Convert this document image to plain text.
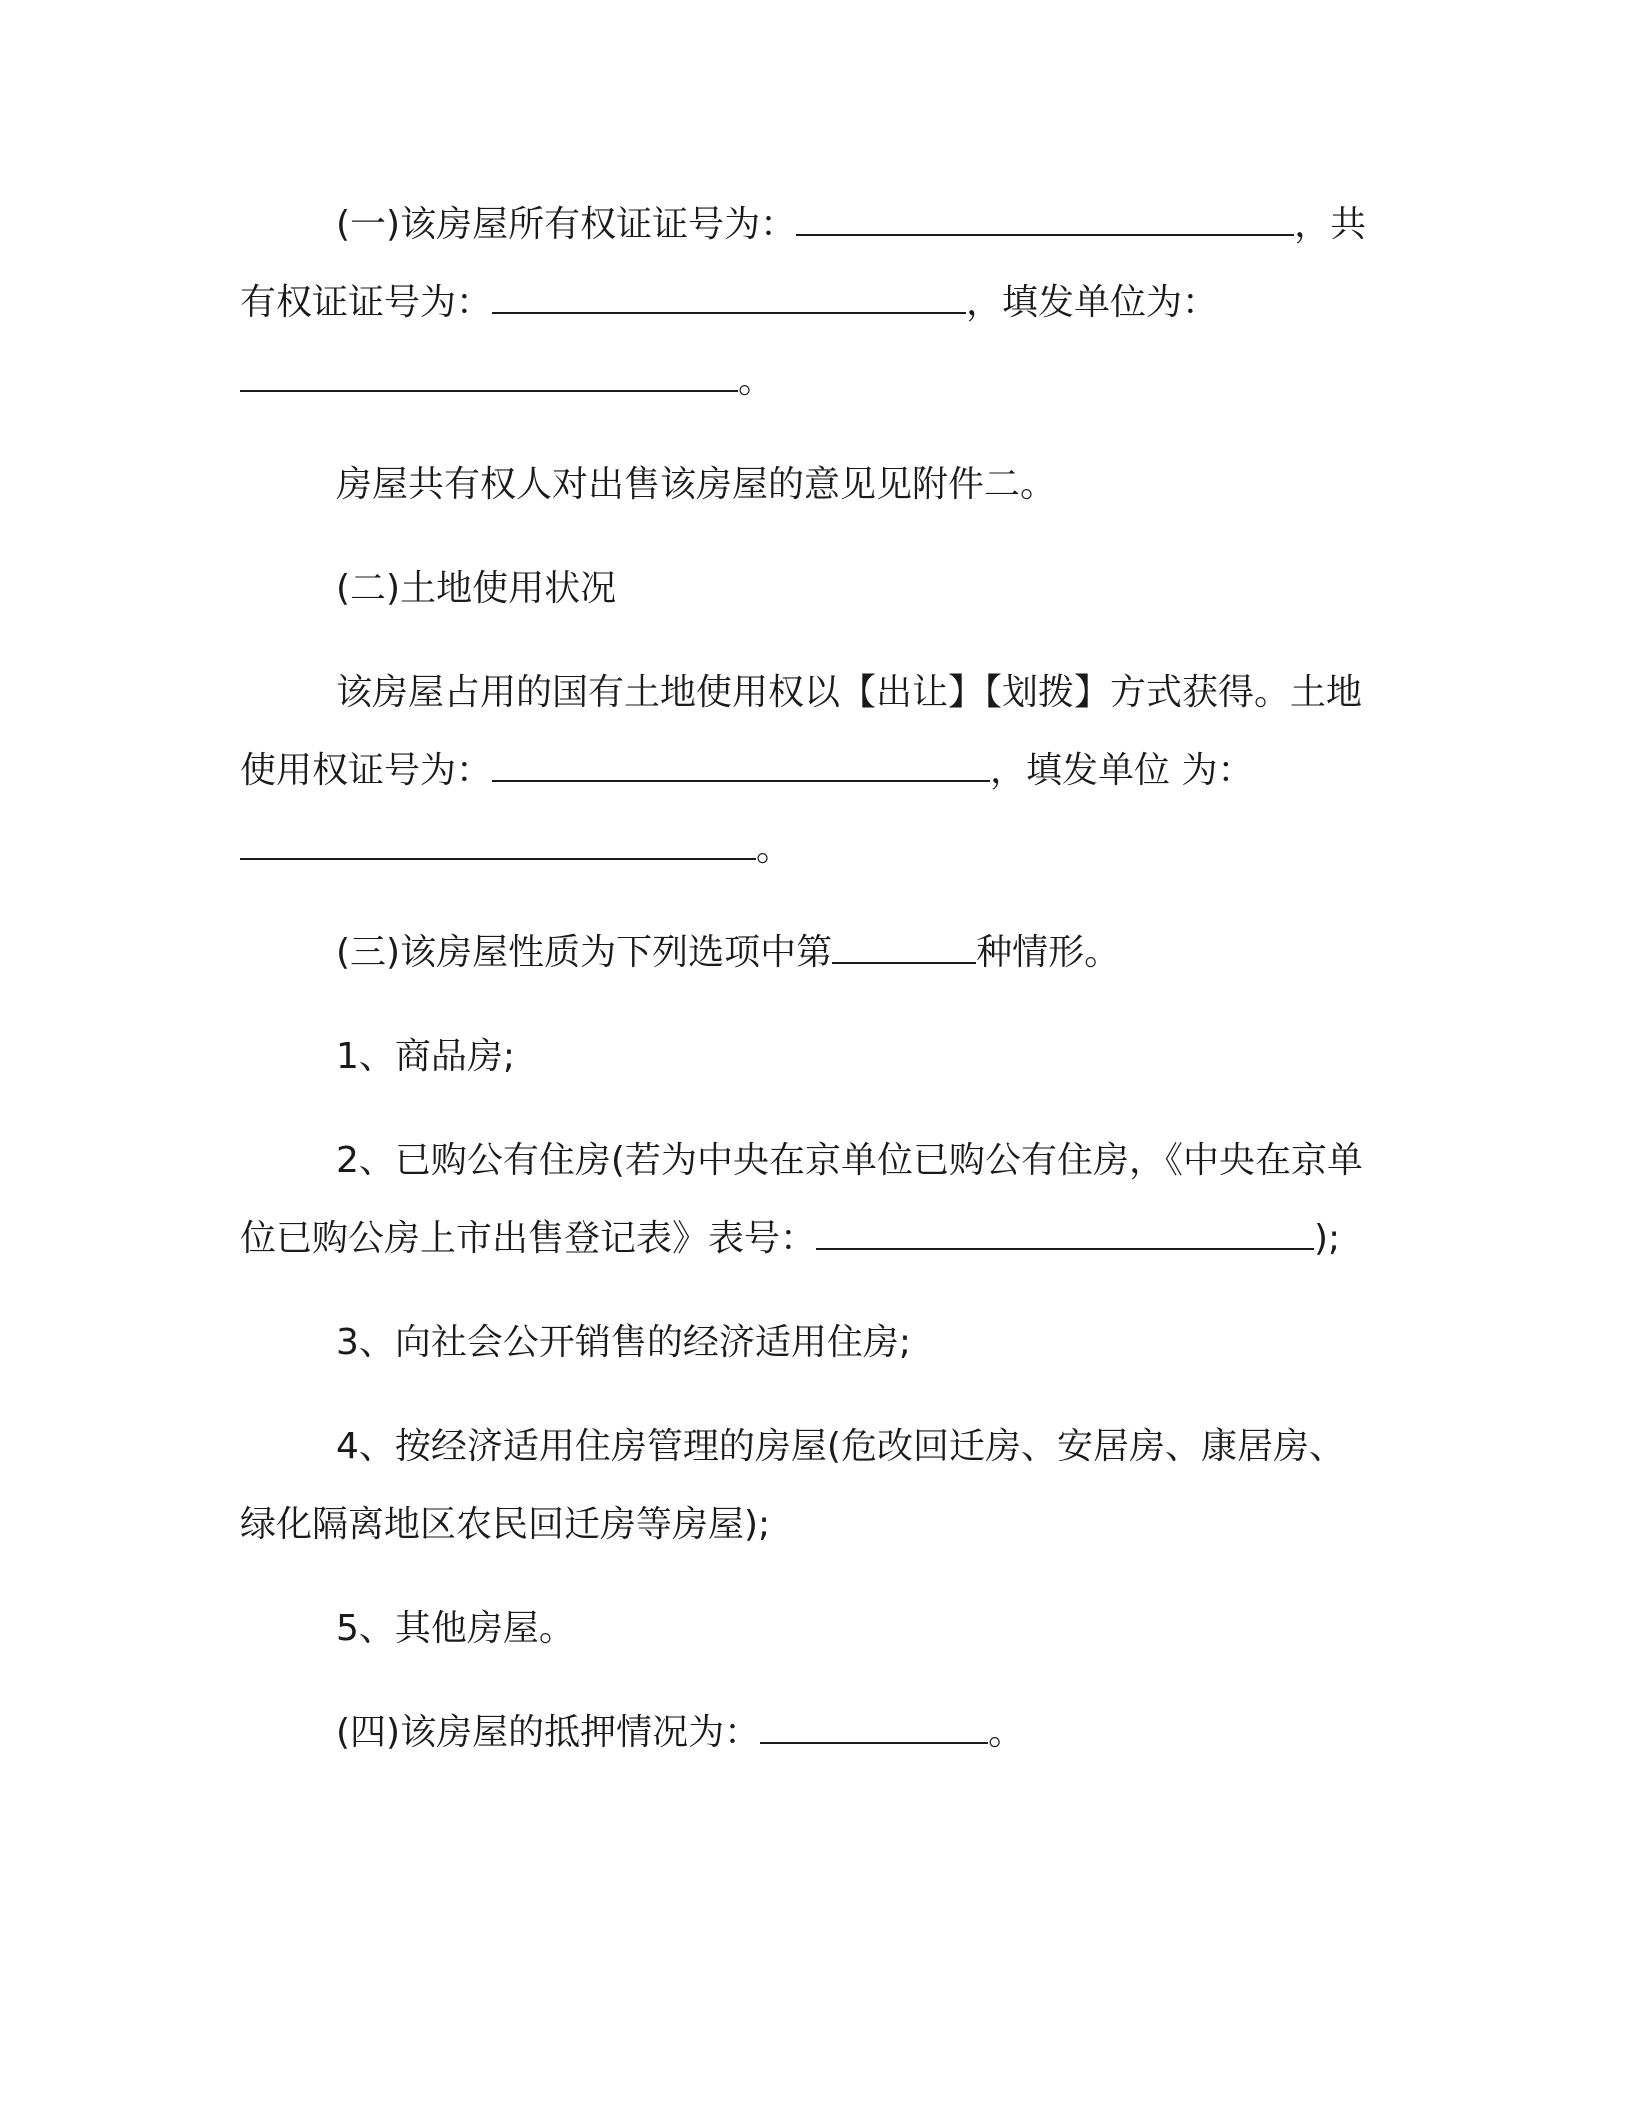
(一)该房屋所有权证证号为：	，共有权证证号为：	，填发单位为：。

房屋共有权人对出售该房屋的意见见附件二。

(二)土地使用状况

该房屋占用的国有土地使用权以【出让】【划拨】方式获得。土地使用权证号为：	，填发单位 为：。

(三)该房屋性质为下列选项中第	种情形。

1、商品房;

2、已购公有住房(若为中央在京单位已购公有住房，《中央在京单位已购公房上市出售登记表》表号：	);

3、向社会公开销售的经济适用住房;

4、按经济适用住房管理的房屋(危改回迁房、安居房、康居房、绿化隔离地区农民回迁房等房屋);

5、其他房屋。

(四)该房屋的抵押情况为：	。
